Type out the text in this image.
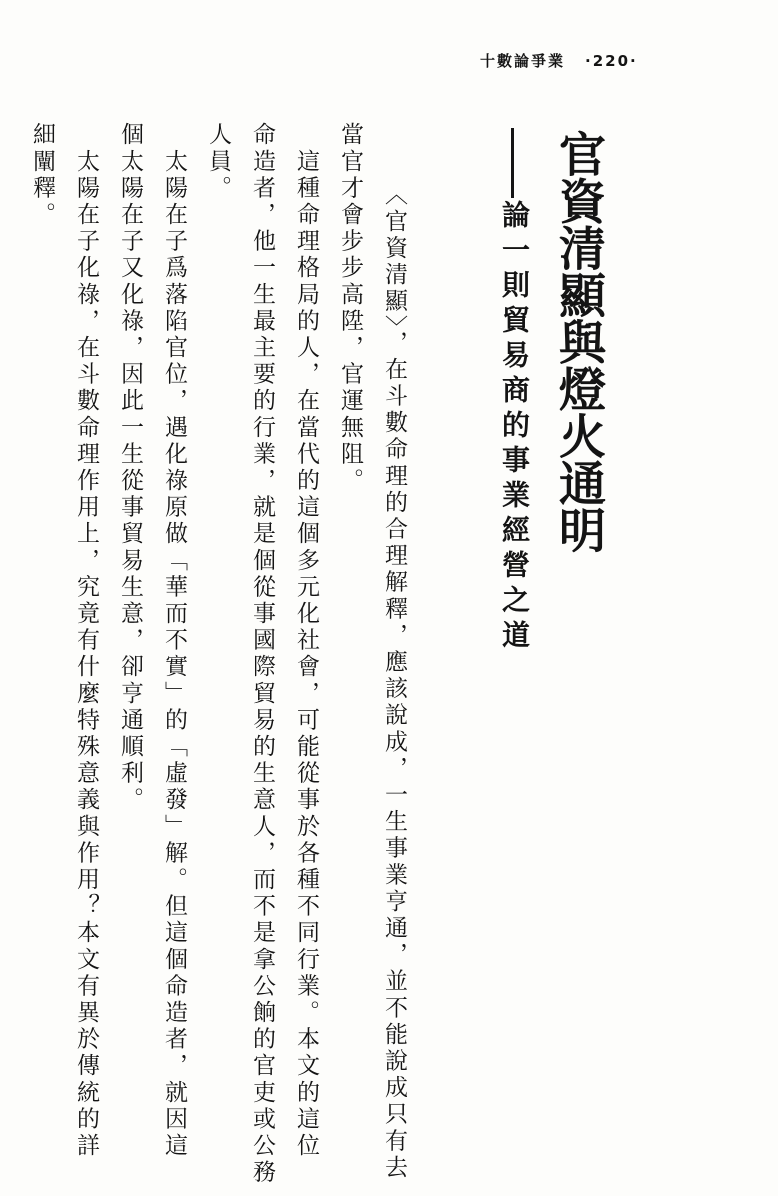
十數論爭業 ·220·
官資清顯與燈火通明
論一則貿易商的事業經營之道
〈官資清顯〉，在斗數命理的合理解釋，應該說成，一生事業亨通，並不能說成只有去
當官才會步步高陞，官運無阻。
　這種命理格局的人，在當代的這個多元化社會，可能從事於各種不同行業。本文的這位
命造者，他一生最主要的行業，就是個從事國際貿易的生意人，而不是拿公餉的官吏或公務
人員。
　太陽在子爲落陷官位，遇化祿原做「華而不實」的「虛發」解。但這個命造者，就因這
個太陽在子又化祿，因此一生從事貿易生意，卻亨通順利。
　太陽在子化祿，在斗數命理作用上，究竟有什麼特殊意義與作用？本文有異於傳統的詳
細闡釋。
